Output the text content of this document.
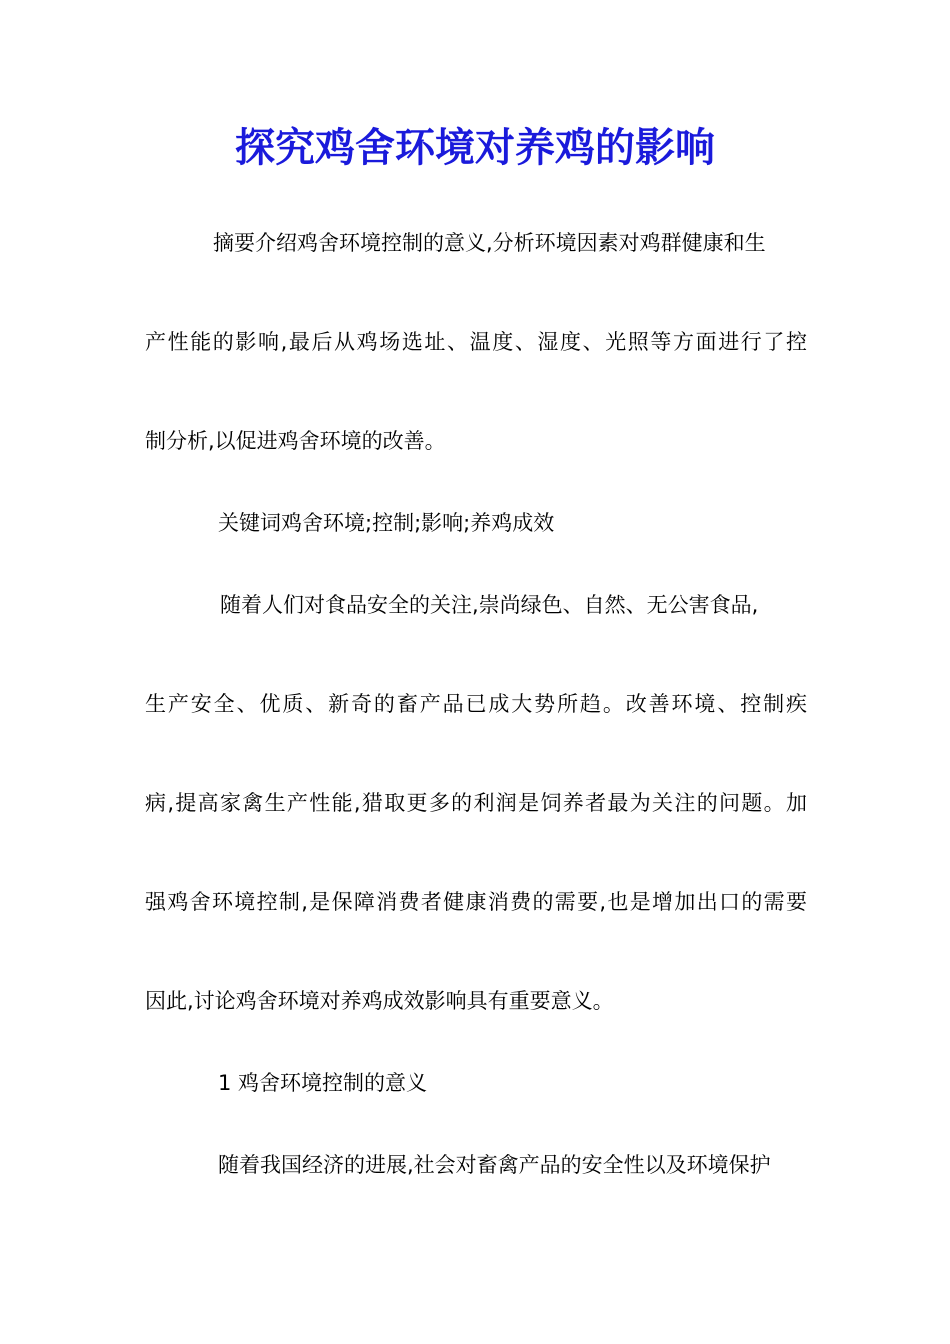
探究鸡舍环境对养鸡的影响
摘要介绍鸡舍环境控制的意义,分析环境因素对鸡群健康和生
产性能的影响,最后从鸡场选址、温度、湿度、光照等方面进行了控
制分析,以促进鸡舍环境的改善。
关键词鸡舍环境;控制;影响;养鸡成效
随着人们对食品安全的关注,崇尚绿色、自然、无公害食品,
生产安全、优质、新奇的畜产品已成大势所趋。改善环境、控制疾
病,提高家禽生产性能,猎取更多的利润是饲养者最为关注的问题。加
强鸡舍环境控制,是保障消费者健康消费的需要,也是增加出口的需要
因此,讨论鸡舍环境对养鸡成效影响具有重要意义。
1 鸡舍环境控制的意义
随着我国经济的进展,社会对畜禽产品的安全性以及环境保护
